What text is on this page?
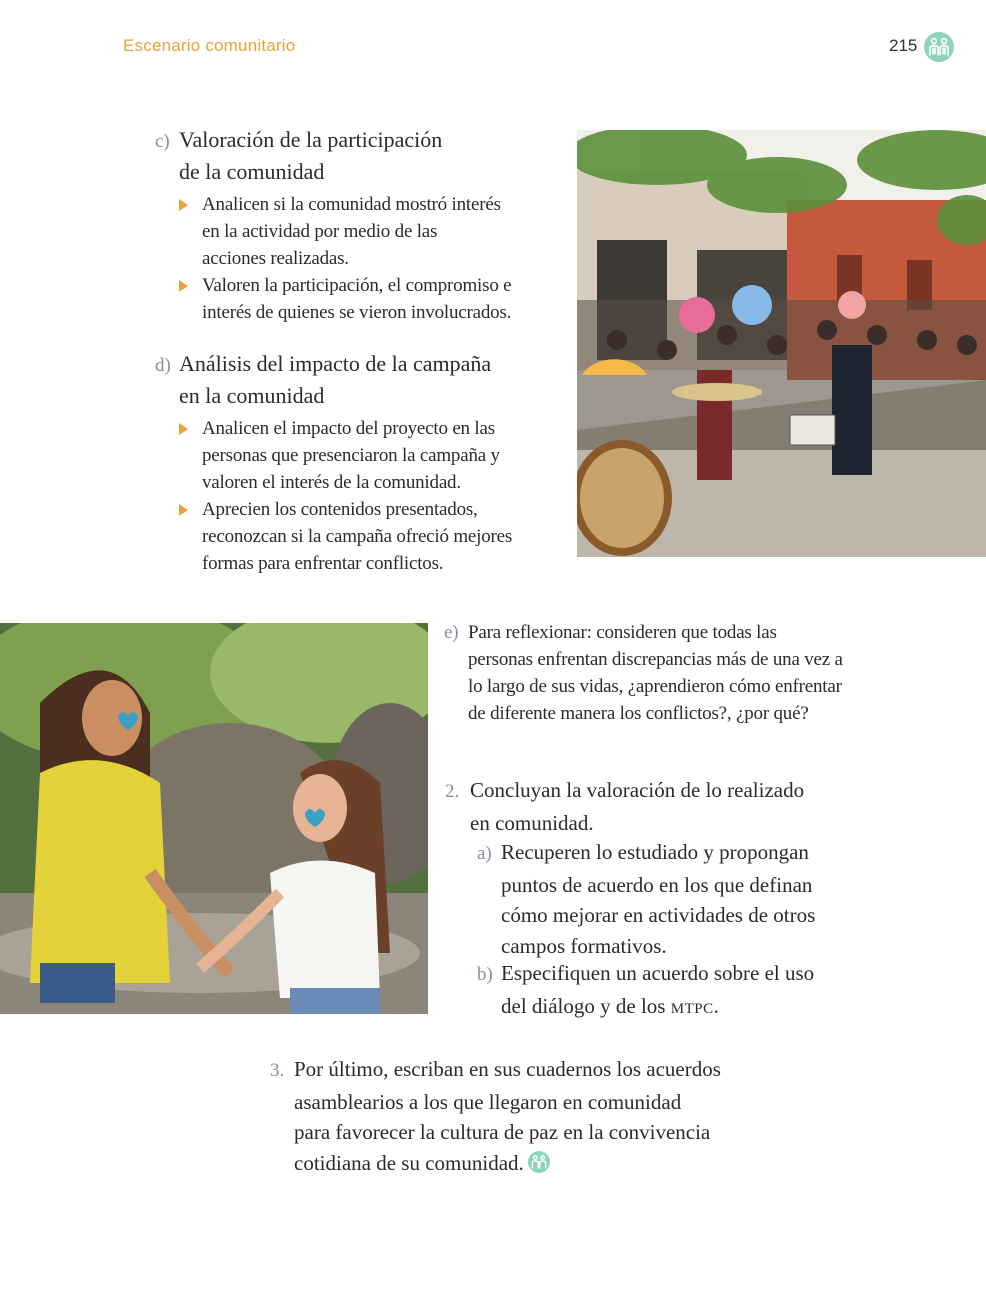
Escenario comunitario	215
c) Valoración de la participación
de la comunidad
Analicen si la comunidad mostró interés
en la actividad por medio de las
acciones realizadas.
Valoren la participación, el compromiso e
interés de quienes se vieron involucrados.
d) Análisis del impacto de la campaña
en la comunidad
Analicen el impacto del proyecto en las
personas que presenciaron la campaña y
valoren el interés de la comunidad.
Aprecien los contenidos presentados,
reconozcan si la campaña ofreció mejores
formas para enfrentar conflictos.
e) Para reflexionar: consideren que todas las
personas enfrentan discrepancias más de una vez a
lo largo de sus vidas, ¿aprendieron cómo enfrentar
de diferente manera los conflictos?, ¿por qué?
2. Concluyan la valoración de lo realizado
en comunidad.
a) Recuperen lo estudiado y propongan
puntos de acuerdo en los que definan
cómo mejorar en actividades de otros
campos formativos.
b) Especifiquen un acuerdo sobre el uso
del diálogo y de los mtpc.
3. Por último, escriban en sus cuadernos los acuerdos
asamblearios a los que llegaron en comunidad
para favorecer la cultura de paz en la convivencia
cotidiana de su comunidad.
